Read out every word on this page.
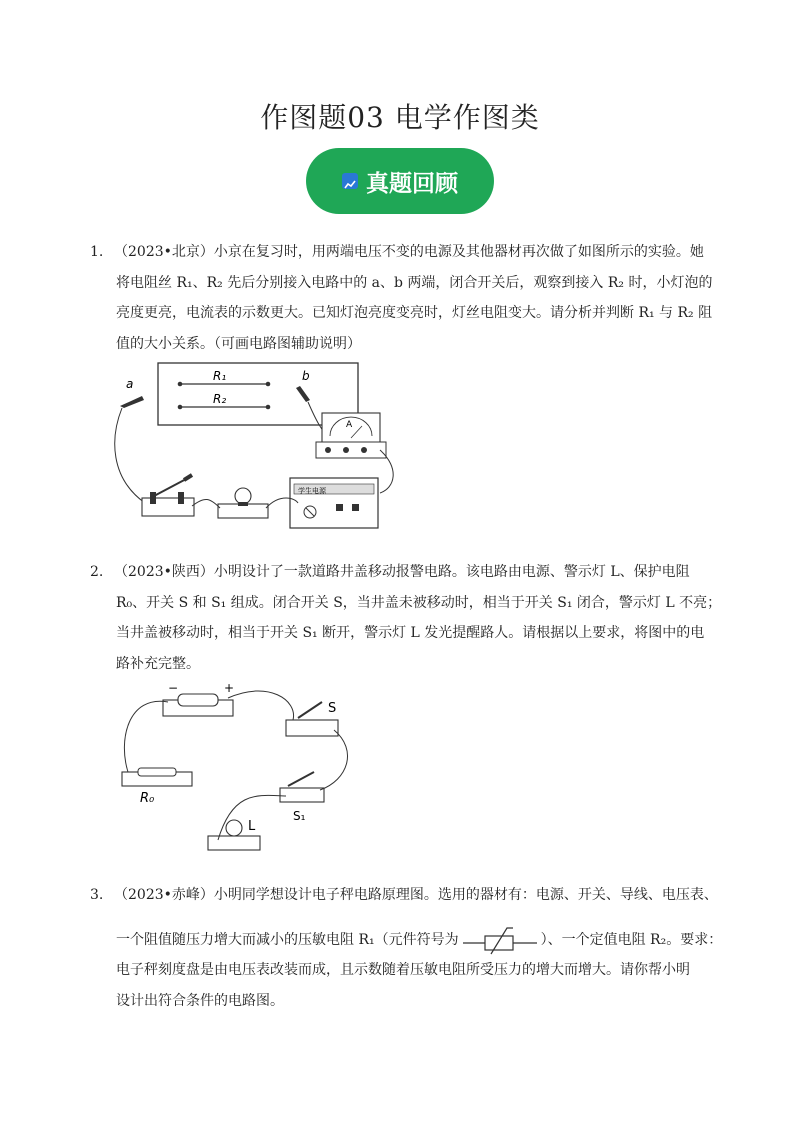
作图题03 电学作图类
真题回顾

1. （2023•北京）小京在复习时，用两端电压不变的电源及其他器材再次做了如图所示的实验。她

将电阻丝 R₁、R₂ 先后分别接入电路中的 a、b 两端，闭合开关后，观察到接入 R₂ 时，小灯泡的

亮度更亮，电流表的示数更大。已知灯泡亮度变亮时，灯丝电阻变大。请分析并判断 R₁ 与 R₂ 阻

值的大小关系。（可画电路图辅助说明）

R₁
R₂
a
b
A
学生电源

2. （2023•陕西）小明设计了一款道路井盖移动报警电路。该电路由电源、警示灯 L、保护电阻

R₀、开关 S 和 S₁ 组成。闭合开关 S，当井盖未被移动时，相当于开关 S₁ 闭合，警示灯 L 不亮；

当井盖被移动时，相当于开关 S₁ 断开，警示灯 L 发光提醒路人。请根据以上要求，将图中的电

路补充完整。

−	+
S
R₀
S₁
L

3. （2023•赤峰）小明同学想设计电子秤电路原理图。选用的器材有：电源、开关、导线、电压表、

一个阻值随压力增大而减小的压敏电阻 R₁（元件符号为	）、一个定值电阻 R₂。要求：

电子秤刻度盘是由电压表改装而成，且示数随着压敏电阻所受压力的增大而增大。请你帮小明

设计出符合条件的电路图。
